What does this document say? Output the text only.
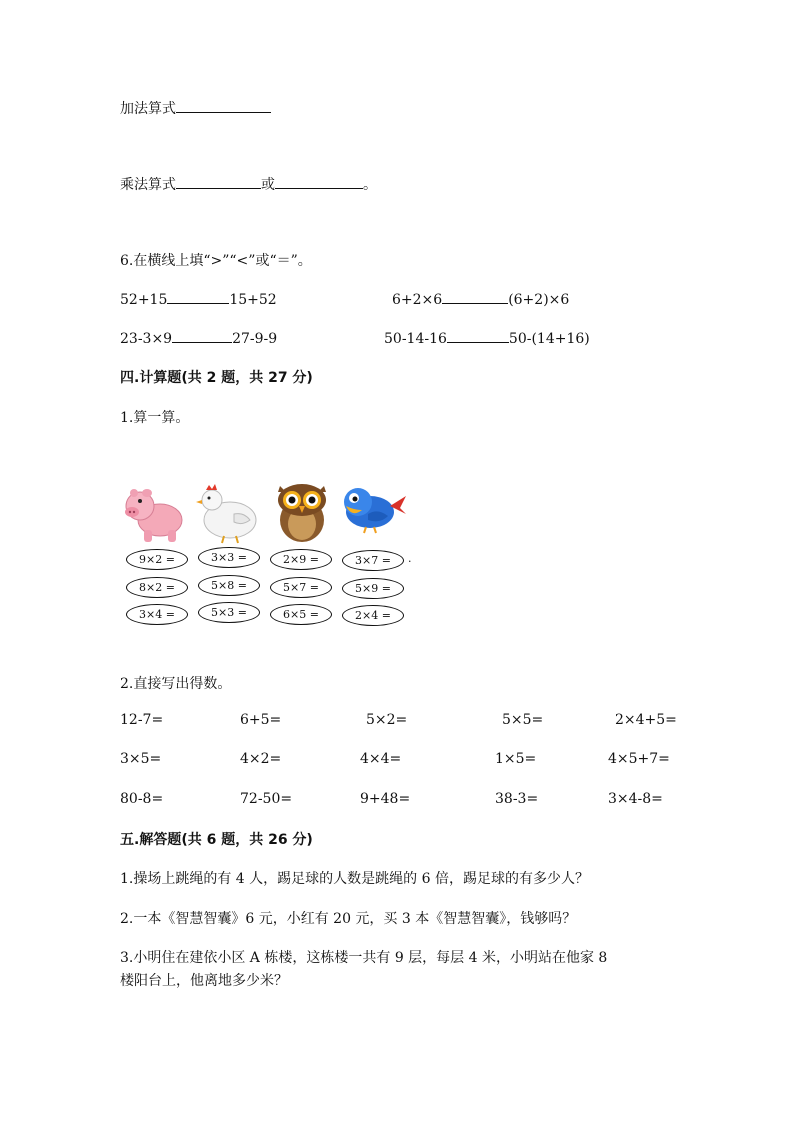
加法算式
乘法算式	或	。
6.在横线上填“>”“<”或“＝”。
52+15	15+52	6+2×6	(6+2)×6
23-3×9	27-9-9	50-14-16	50-(14+16)
四.计算题(共 2 题，共 27 分)
1.算一算。
9×2 =
8×2 =
3×4 =
3×3 =
5×8 =
5×3 =
2×9 =
5×7 =
6×5 =
3×7 =
5×9 =
2×4 =
.
2.直接写出得数。
12-7=	6+5=	5×2=	5×5=	2×4+5=
3×5=	4×2=	4×4=	1×5=	4×5+7=
80-8=	72-50=	9+48=	38-3=	3×4-8=
五.解答题(共 6 题，共 26 分)
1.操场上跳绳的有 4 人，踢足球的人数是跳绳的 6 倍，踢足球的有多少人？
2.一本《智慧智囊》6 元，小红有 20 元，买 3 本《智慧智囊》，钱够吗？
3.小明住在建依小区 A 栋楼，这栋楼一共有 9 层，每层 4 米，小明站在他家 8
楼阳台上，他离地多少米？
